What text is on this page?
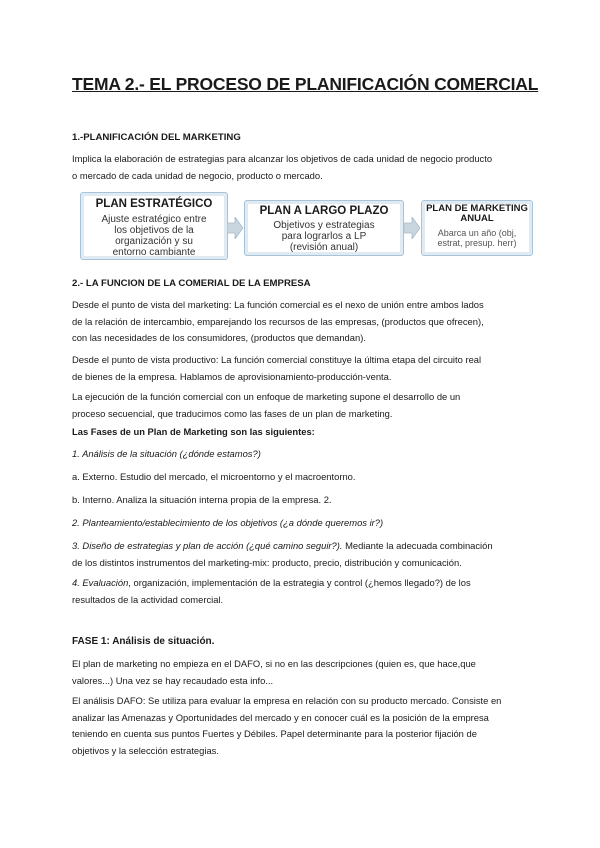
TEMA 2.- EL PROCESO DE PLANIFICACIÓN COMERCIAL
1.-PLANIFICACIÓN DEL MARKETING
Implica la elaboración de estrategias para alcanzar los objetivos de cada unidad de negocio producto
o mercado de cada unidad de negocio, producto o mercado.
PLAN ESTRATÉGICO
Ajuste estratégico entre
los objetivos de la
organización y su
entorno cambiante
PLAN A LARGO PLAZO
Objetivos y estrategias
para lograrlos a LP
(revisión anual)
PLAN DE MARKETING
ANUAL
Abarca un año (obj,
estrat, presup. herr)
2.- LA FUNCION DE LA COMERIAL DE LA EMPRESA
Desde el punto de vista del marketing: La función comercial es el nexo de unión entre ambos lados
de la relación de intercambio, emparejando los recursos de las empresas, (productos que ofrecen),
con las necesidades de los consumidores, (productos que demandan).
Desde el punto de vista productivo: La función comercial constituye la última etapa del circuito real
de bienes de la empresa. Hablamos de aprovisionamiento-producción-venta.
La ejecución de la función comercial con un enfoque de marketing supone el desarrollo de un
proceso secuencial, que traducimos como las fases de un plan de marketing.
Las Fases de un Plan de Marketing son las siguientes:
1. Análisis de la situación (¿dónde estamos?)
a. Externo. Estudio del mercado, el microentorno y el macroentorno.
b. Interno. Analiza la situación interna propia de la empresa. 2.
2. Planteamiento/establecimiento de los objetivos (¿a dónde queremos ir?)
3. Diseño de estrategias y plan de acción (¿qué camino seguir?). Mediante la adecuada combinación
de los distintos instrumentos del marketing-mix: producto, precio, distribución y comunicación.
4. Evaluación, organización, implementación de la estrategia y control (¿hemos llegado?) de los
resultados de la actividad comercial.
FASE 1: Análisis de situación.
El plan de marketing no empieza en el DAFO, si no en las descripciones (quien es, que hace,que
valores...) Una vez se hay recaudado esta info...
El análisis DAFO: Se utiliza para evaluar la empresa en relación con su producto mercado. Consiste en
analizar las Amenazas y Oportunidades del mercado y en conocer cuál es la posición de la empresa
teniendo en cuenta sus puntos Fuertes y Débiles. Papel determinante para la posterior fijación de
objetivos y la selección estrategias.
